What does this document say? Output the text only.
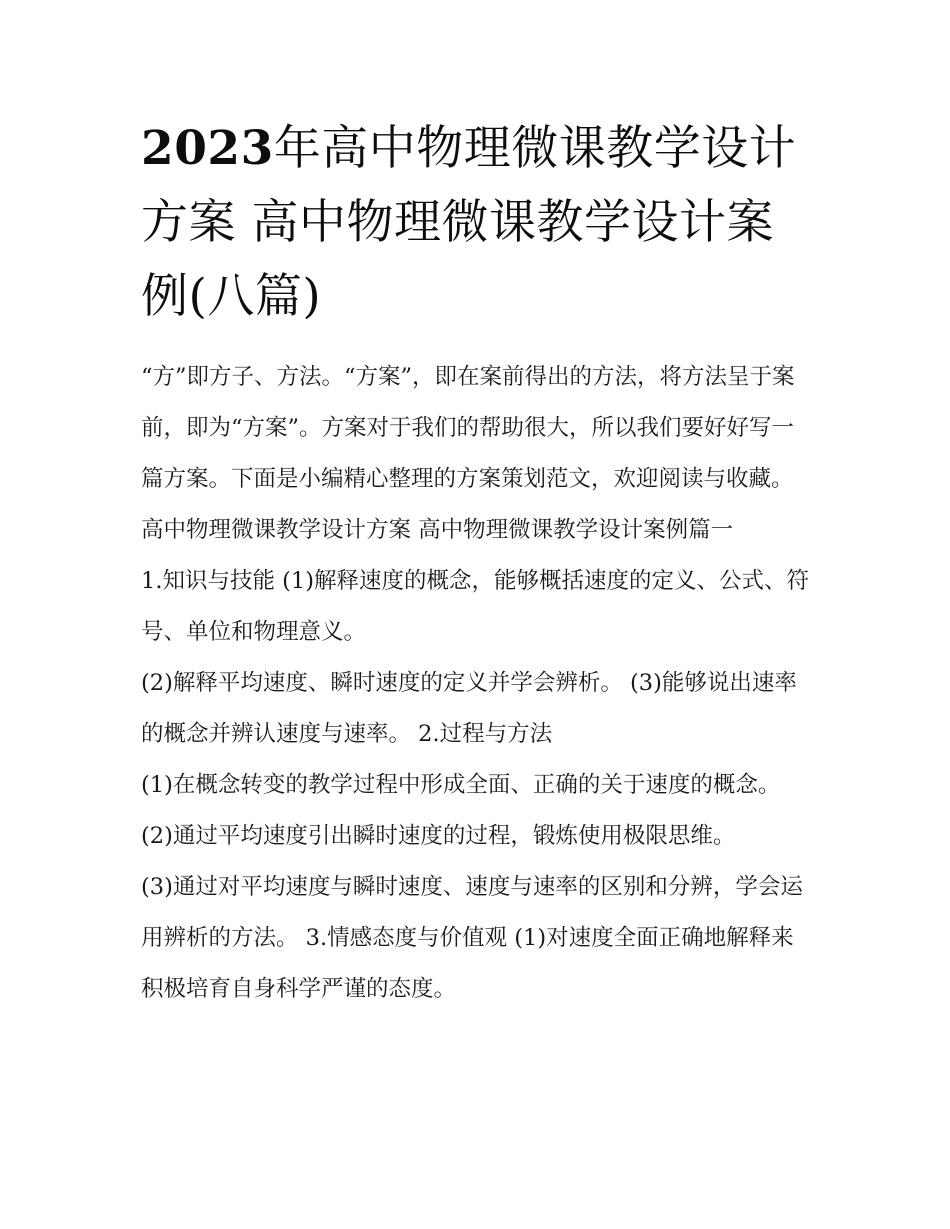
2023年高中物理微课教学设计方案 高中物理微课教学设计案例(八篇)

“方”即方子、方法。“方案”，即在案前得出的方法，将方法呈于案前，即为“方案”。方案对于我们的帮助很大，所以我们要好好写一篇方案。下面是小编精心整理的方案策划范文，欢迎阅读与收藏。

高中物理微课教学设计方案 高中物理微课教学设计案例篇一

1.知识与技能 (1)解释速度的概念，能够概括速度的定义、公式、符号、单位和物理意义。

(2)解释平均速度、瞬时速度的定义并学会辨析。 (3)能够说出速率的概念并辨认速度与速率。 2.过程与方法

(1)在概念转变的教学过程中形成全面、正确的关于速度的概念。 (2)通过平均速度引出瞬时速度的过程，锻炼使用极限思维。

(3)通过对平均速度与瞬时速度、速度与速率的区别和分辨，学会运用辨析的方法。 3.情感态度与价值观 (1)对速度全面正确地解释来积极培育自身科学严谨的态度。
